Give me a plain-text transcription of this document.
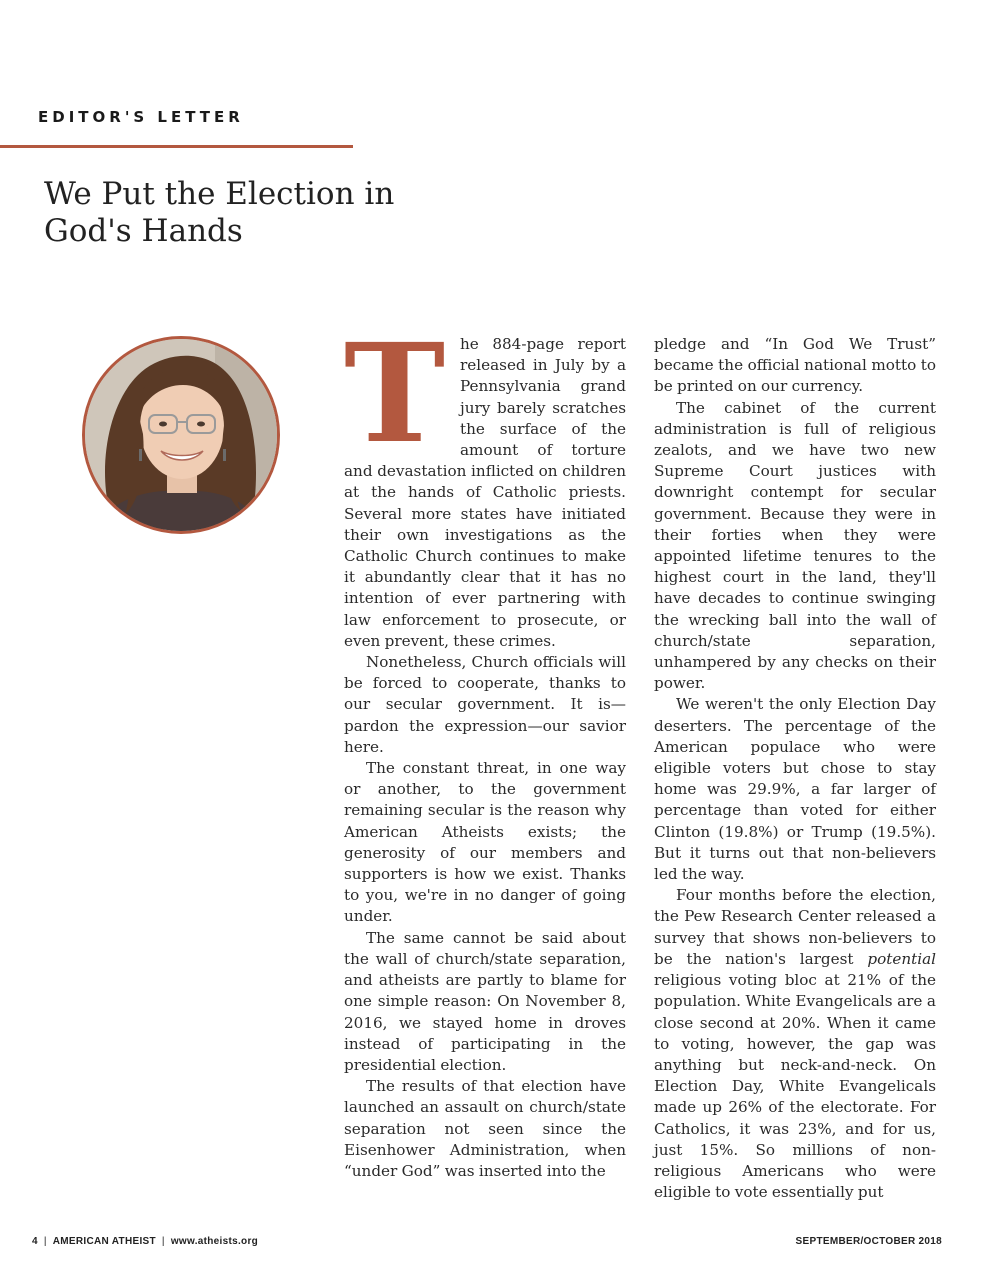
EDITOR'S LETTER
We Put the Election in God's Hands

The 884-page report released in July by a Pennsylvania grand jury barely scratches the surface of the amount of torture and devastation inflicted on children at the hands of Catholic priests. Several more states have initiated their own investigations as the Catholic Church continues to make it abundantly clear that it has no intention of ever partnering with law enforcement to prosecute, or even prevent, these crimes.

Nonetheless, Church officials will be forced to cooperate, thanks to our secular government. It is—pardon the expression—our savior here.

The constant threat, in one way or another, to the government remaining secular is the reason why American Atheists exists; the generosity of our members and supporters is how we exist. Thanks to you, we're in no danger of going under.

The same cannot be said about the wall of church/state separation, and atheists are partly to blame for one simple reason: On November 8, 2016, we stayed home in droves instead of participating in the presidential election.

The results of that election have launched an assault on church/state separation not seen since the Eisenhower Administration, when “under God” was inserted into the

pledge and “In God We Trust” became the official national motto to be printed on our currency.

The cabinet of the current administration is full of religious zealots, and we have two new Supreme Court justices with downright contempt for secular government. Because they were in their forties when they were appointed lifetime tenures to the highest court in the land, they'll have decades to continue swinging the wrecking ball into the wall of church/state separation, unhampered by any checks on their power.

We weren't the only Election Day deserters. The percentage of the American populace who were eligible voters but chose to stay home was 29.9%, a far larger of percentage than voted for either Clinton (19.8%) or Trump (19.5%). But it turns out that non-believers led the way.

Four months before the election, the Pew Research Center released a survey that shows non-believers to be the nation's largest potential religious voting bloc at 21% of the population. White Evangelicals are a close second at 20%. When it came to voting, however, the gap was anything but neck-and-neck. On Election Day, White Evangelicals made up 26% of the electorate. For Catholics, it was 23%, and for us, just 15%. So millions of non-religious Americans who were eligible to vote essentially put

4 | AMERICAN ATHEIST | www.atheists.org	SEPTEMBER/OCTOBER 2018
